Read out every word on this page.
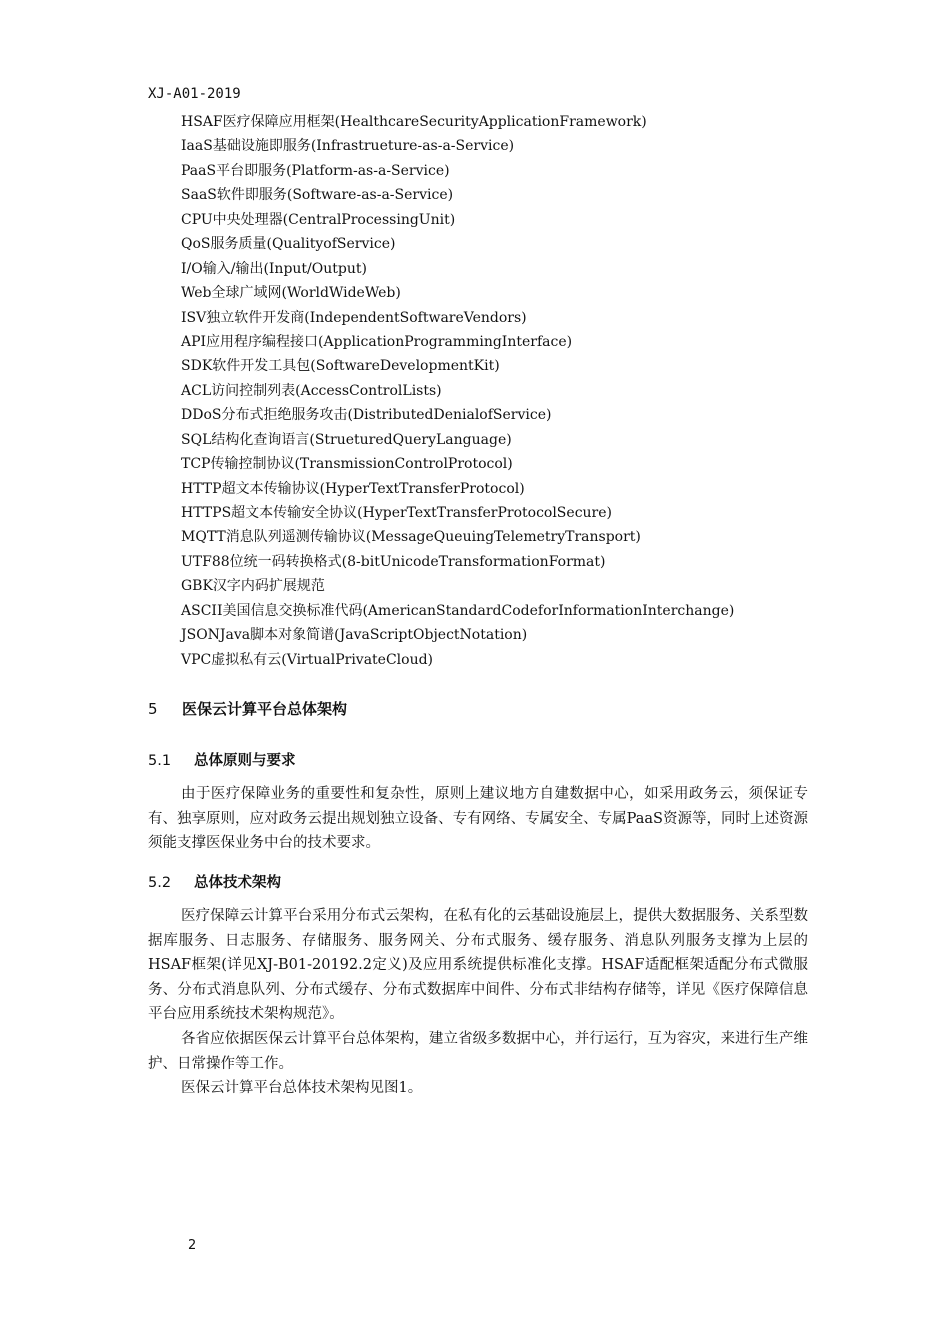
XJ-A01-2019
HSAF医疗保障应用框架(HealthcareSecurityApplicationFramework)
IaaS基础设施即服务(Infrastrueture-as-a-Service)
PaaS平台即服务(Platform-as-a-Service)
SaaS软件即服务(Software-as-a-Service)
CPU中央处理器(CentralProcessingUnit)
QoS服务质量(QualityofService)
I/O输入/输出(Input/Output)
Web全球广域网(WorldWideWeb)
ISV独立软件开发商(IndependentSoftwareVendors)
API应用程序编程接口(ApplicationProgrammingInterface)
SDK软件开发工具包(SoftwareDevelopmentKit)
ACL访问控制列表(AccessControlLists)
DDoS分布式拒绝服务攻击(DistributedDenialofService)
SQL结构化查询语言(StrueturedQueryLanguage)
TCP传输控制协议(TransmissionControlProtocol)
HTTP超文本传输协议(HyperTextTransferProtocol)
HTTPS超文本传输安全协议(HyperTextTransferProtocolSecure)
MQTT消息队列遥测传输协议(MessageQueuingTelemetryTransport)
UTF88位统一码转换格式(8-bitUnicodeTransformationFormat)
GBK汉字内码扩展规范
ASCII美国信息交换标准代码(AmericanStandardCodeforInformationInterchange)
JSONJava脚本对象简谱(JavaScriptObjectNotation)
VPC虚拟私有云(VirtualPrivateCloud)
5 医保云计算平台总体架构
5.1 总体原则与要求

由于医疗保障业务的重要性和复杂性，原则上建议地方自建数据中心，如采用政务云，须保证专有、独享原则，应对政务云提出规划独立设备、专有网络、专属安全、专属PaaS资源等，同时上述资源须能支撑医保业务中台的技术要求。

5.2 总体技术架构

医疗保障云计算平台采用分布式云架构，在私有化的云基础设施层上，提供大数据服务、关系型数据库服务、日志服务、存储服务、服务网关、分布式服务、缓存服务、消息队列服务支撑为上层的HSAF框架(详见XJ-B01-20192.2定义)及应用系统提供标准化支撑。HSAF适配框架适配分布式微服务、分布式消息队列、分布式缓存、分布式数据库中间件、分布式非结构存储等，详见《医疗保障信息平台应用系统技术架构规范》。

各省应依据医保云计算平台总体架构，建立省级多数据中心，并行运行，互为容灾，来进行生产维护、日常操作等工作。

医保云计算平台总体技术架构见图1。

2
